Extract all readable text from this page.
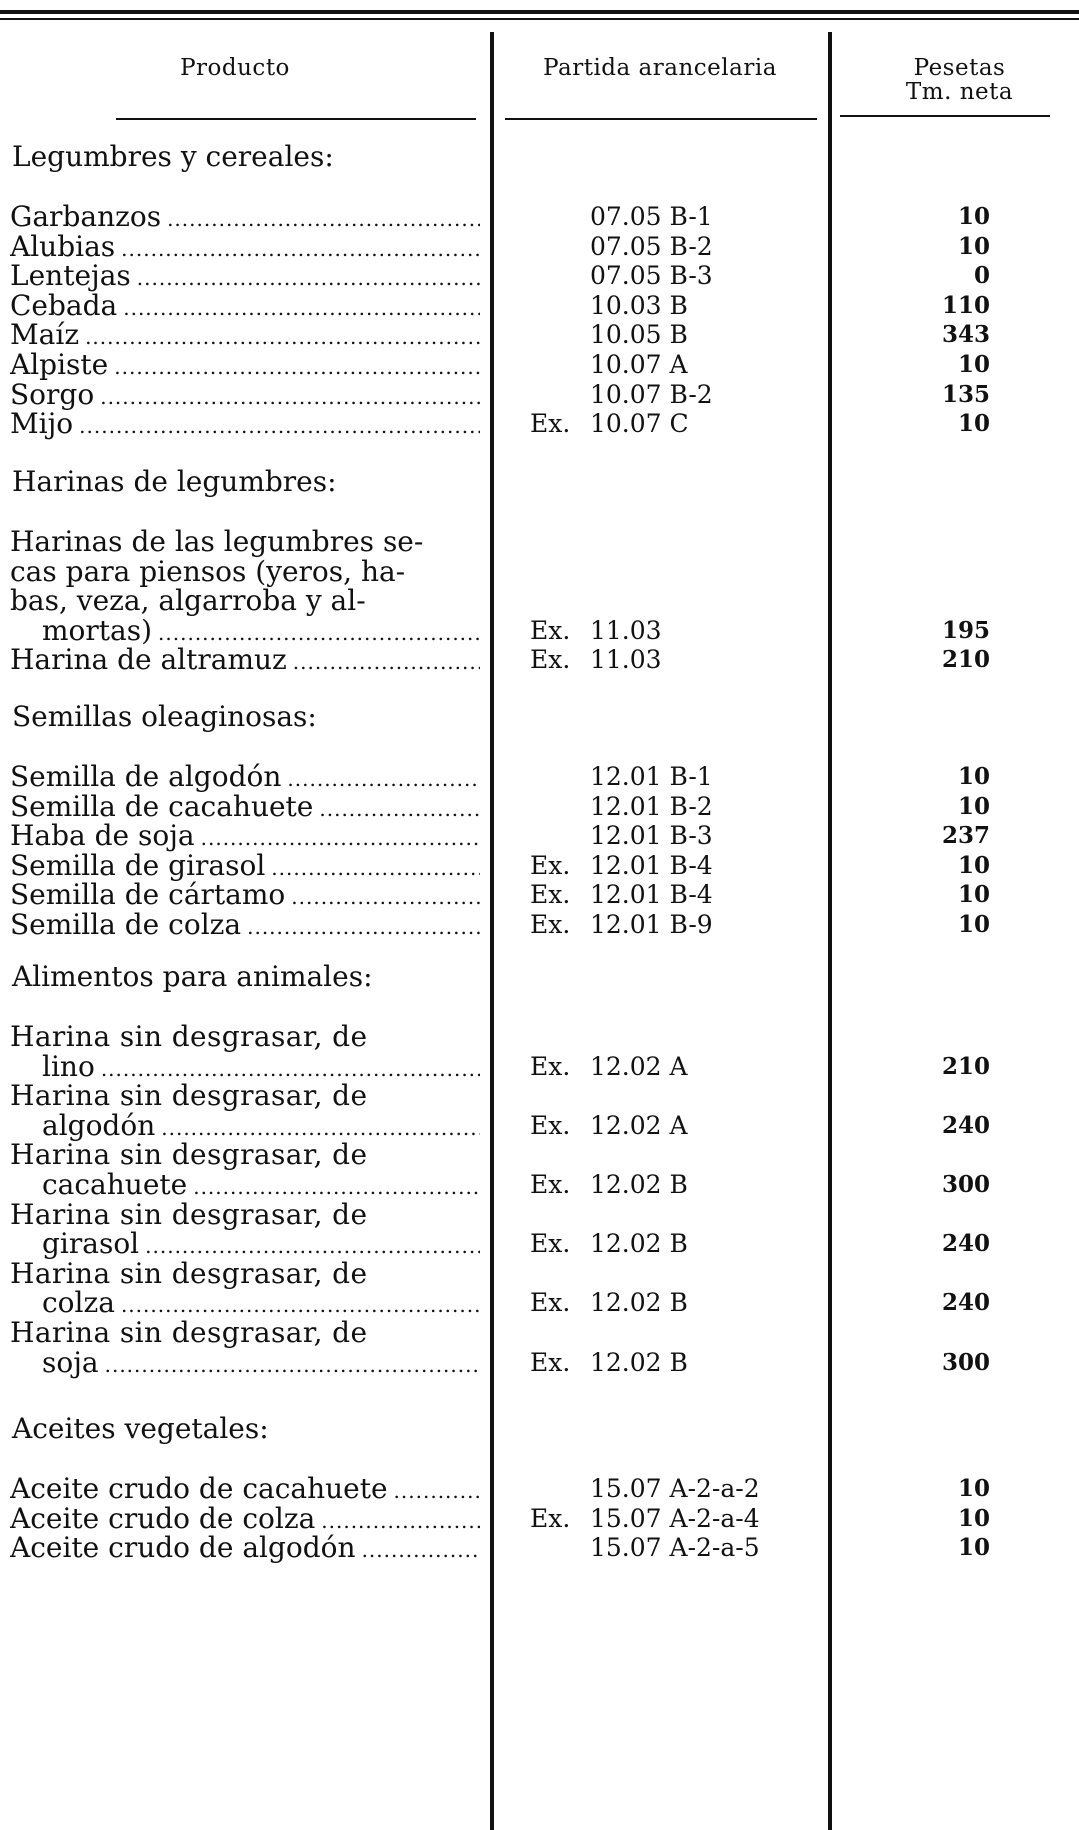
Producto	Partida arancelaria	Pesetas
Tm. neta
Legumbres y cereales:
Garbanzos .....	07.05 B-1	10
Alubias .....	07.05 B-2	10
Lentejas .....	07.05 B-3	0
Cebada .....	10.03 B	110
Maíz .....	10.05 B	343
Alpiste .....	10.07 A	10
Sorgo .....	10.07 B-2	135
Mijo .....	Ex. 10.07 C	10
Harinas de legumbres:
Harinas de las legumbres se-
cas para piensos (yeros, ha-
bas, veza, algarroba y al-
mortas) .....	Ex. 11.03	195
Harina de altramuz .....	Ex. 11.03	210
Semillas oleaginosas:
Semilla de algodón .....	12.01 B-1	10
Semilla de cacahuete .....	12.01 B-2	10
Haba de soja .....	12.01 B-3	237
Semilla de girasol .....	Ex. 12.01 B-4	10
Semilla de cártamo .....	Ex. 12.01 B-4	10
Semilla de colza .....	Ex. 12.01 B-9	10
Alimentos para animales:
Harina sin desgrasar, de
lino .....	Ex. 12.02 A	210
Harina sin desgrasar, de
algodón .....	Ex. 12.02 A	240
Harina sin desgrasar, de
cacahuete .....	Ex. 12.02 B	300
Harina sin desgrasar, de
girasol .....	Ex. 12.02 B	240
Harina sin desgrasar, de
colza .....	Ex. 12.02 B	240
Harina sin desgrasar, de
soja .....	Ex. 12.02 B	300
Aceites vegetales:
Aceite crudo de cacahuete .....	15.07 A-2-a-2	10
Aceite crudo de colza .....	Ex. 15.07 A-2-a-4	10
Aceite crudo de algodón .....	15.07 A-2-a-5	10
